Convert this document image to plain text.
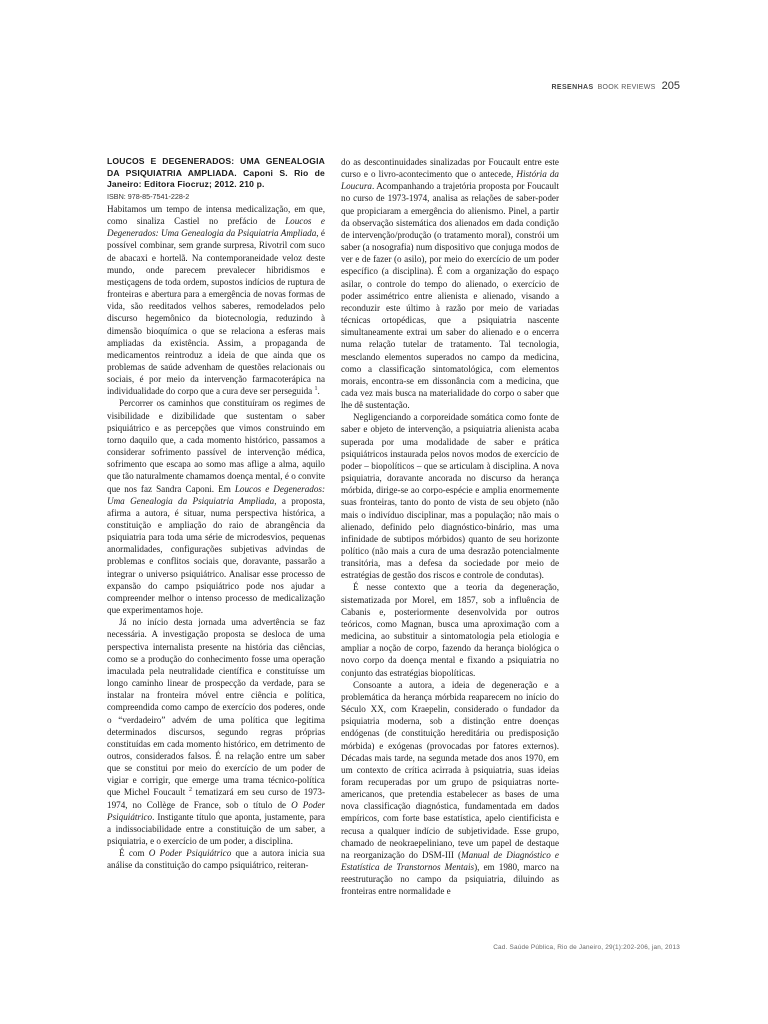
RESENHAS BOOK REVIEWS 205

LOUCOS E DEGENERADOS: UMA GENEALOGIA DA PSIQUIATRIA AMPLIADA. Caponi S. Rio de Janeiro: Editora Fiocruz; 2012. 210 p.

ISBN: 978-85-7541-228-2

Habitamos um tempo de intensa medicalização, em que, como sinaliza Castiel no prefácio de Loucos e Degenerados: Uma Genealogia da Psiquiatria Ampliada, é possível combinar, sem grande surpresa, Rivotril com suco de abacaxi e hortelã. Na contemporaneidade veloz deste mundo, onde parecem prevalecer hibridismos e mestiçagens de toda ordem, supostos indícios de ruptura de fronteiras e abertura para a emergência de novas formas de vida, são reeditados velhos saberes, remodelados pelo discurso hegemônico da biotecnologia, reduzindo à dimensão bioquímica o que se relaciona a esferas mais ampliadas da existência. Assim, a propaganda de medicamentos reintroduz a ideia de que ainda que os problemas de saúde advenham de questões relacionais ou sociais, é por meio da intervenção farmacoterápica na individualidade do corpo que a cura deve ser perseguida $^1$.

Percorrer os caminhos que constituíram os regimes de visibilidade e dizibilidade que sustentam o saber psiquiátrico e as percepções que vimos construindo em torno daquilo que, a cada momento histórico, passamos a considerar sofrimento passível de intervenção médica, sofrimento que escapa ao somo mas aflige a alma, aquilo que tão naturalmente chamamos doença mental, é o convite que nos faz Sandra Caponi. Em Loucos e Degenerados: Uma Genealogia da Psiquiatria Ampliada, a proposta, afirma a autora, é situar, numa perspectiva histórica, a constituição e ampliação do raio de abrangência da psiquiatria para toda uma série de microdesvios, pequenas anormalidades, configurações subjetivas advindas de problemas e conflitos sociais que, doravante, passarão a integrar o universo psiquiátrico. Analisar esse processo de expansão do campo psiquiátrico pode nos ajudar a compreender melhor o intenso processo de medicalização que experimentamos hoje.

Já no início desta jornada uma advertência se faz necessária. A investigação proposta se desloca de uma perspectiva internalista presente na história das ciências, como se a produção do conhecimento fosse uma operação imaculada pela neutralidade científica e constituísse um longo caminho linear de prospecção da verdade, para se instalar na fronteira móvel entre ciência e política, compreendida como campo de exercício dos poderes, onde o “verdadeiro” advém de uma política que legitima determinados discursos, segundo regras próprias constituídas em cada momento histórico, em detrimento de outros, considerados falsos. É na relação entre um saber que se constitui por meio do exercício de um poder de vigiar e corrigir, que emerge uma trama técnico-política que Michel Foucault $^2$ tematizará em seu curso de 1973-1974, no Collège de France, sob o título de O Poder Psiquiátrico. Instigante título que aponta, justamente, para a indissociabilidade entre a constituição de um saber, a psiquiatria, e o exercício de um poder, a disciplina.

É com O Poder Psiquiátrico que a autora inicia sua análise da constituição do campo psiquiátrico, reiteran-

do as descontinuidades sinalizadas por Foucault entre este curso e o livro-acontecimento que o antecede, História da Loucura. Acompanhando a trajetória proposta por Foucault no curso de 1973-1974, analisa as relações de saber-poder que propiciaram a emergência do alienismo. Pinel, a partir da observação sistemática dos alienados em dada condição de intervenção/produção (o tratamento moral), constrói um saber (a nosografia) num dispositivo que conjuga modos de ver e de fazer (o asilo), por meio do exercício de um poder específico (a disciplina). É com a organização do espaço asilar, o controle do tempo do alienado, o exercício de poder assimétrico entre alienista e alienado, visando a reconduzir este último à razão por meio de variadas técnicas ortopédicas, que a psiquiatria nascente simultaneamente extrai um saber do alienado e o encerra numa relação tutelar de tratamento. Tal tecnologia, mesclando elementos superados no campo da medicina, como a classificação sintomatológica, com elementos morais, encontra-se em dissonância com a medicina, que cada vez mais busca na materialidade do corpo o saber que lhe dê sustentação.

Negligenciando a corporeidade somática como fonte de saber e objeto de intervenção, a psiquiatria alienista acaba superada por uma modalidade de saber e prática psiquiátricos instaurada pelos novos modos de exercício de poder – biopolíticos – que se articulam à disciplina. A nova psiquiatria, doravante ancorada no discurso da herança mórbida, dirige-se ao corpo-espécie e amplia enormemente suas fronteiras, tanto do ponto de vista de seu objeto (não mais o indivíduo disciplinar, mas a população; não mais o alienado, definido pelo diagnóstico-binário, mas uma infinidade de subtipos mórbidos) quanto de seu horizonte político (não mais a cura de uma desrazão potencialmente transitória, mas a defesa da sociedade por meio de estratégias de gestão dos riscos e controle de condutas).

É nesse contexto que a teoria da degeneração, sistematizada por Morel, em 1857, sob a influência de Cabanis e, posteriormente desenvolvida por outros teóricos, como Magnan, busca uma aproximação com a medicina, ao substituir a sintomatologia pela etiologia e ampliar a noção de corpo, fazendo da herança biológica o novo corpo da doença mental e fixando a psiquiatria no conjunto das estratégias biopolíticas.

Consoante a autora, a ideia de degeneração e a problemática da herança mórbida reaparecem no início do Século XX, com Kraepelin, considerado o fundador da psiquiatria moderna, sob a distinção entre doenças endógenas (de constituição hereditária ou predisposição mórbida) e exógenas (provocadas por fatores externos). Décadas mais tarde, na segunda metade dos anos 1970, em um contexto de crítica acirrada à psiquiatria, suas ideias foram recuperadas por um grupo de psiquiatras norte-americanos, que pretendia estabelecer as bases de uma nova classificação diagnóstica, fundamentada em dados empíricos, com forte base estatística, apelo cientificista e recusa a qualquer indício de subjetividade. Esse grupo, chamado de neokraepeliniano, teve um papel de destaque na reorganização do DSM-III (Manual de Diagnóstico e Estatística de Transtornos Mentais), em 1980, marco na reestruturação no campo da psiquiatria, diluindo as fronteiras entre normalidade e

Cad. Saúde Pública, Rio de Janeiro, 29(1):202-206, jan, 2013
